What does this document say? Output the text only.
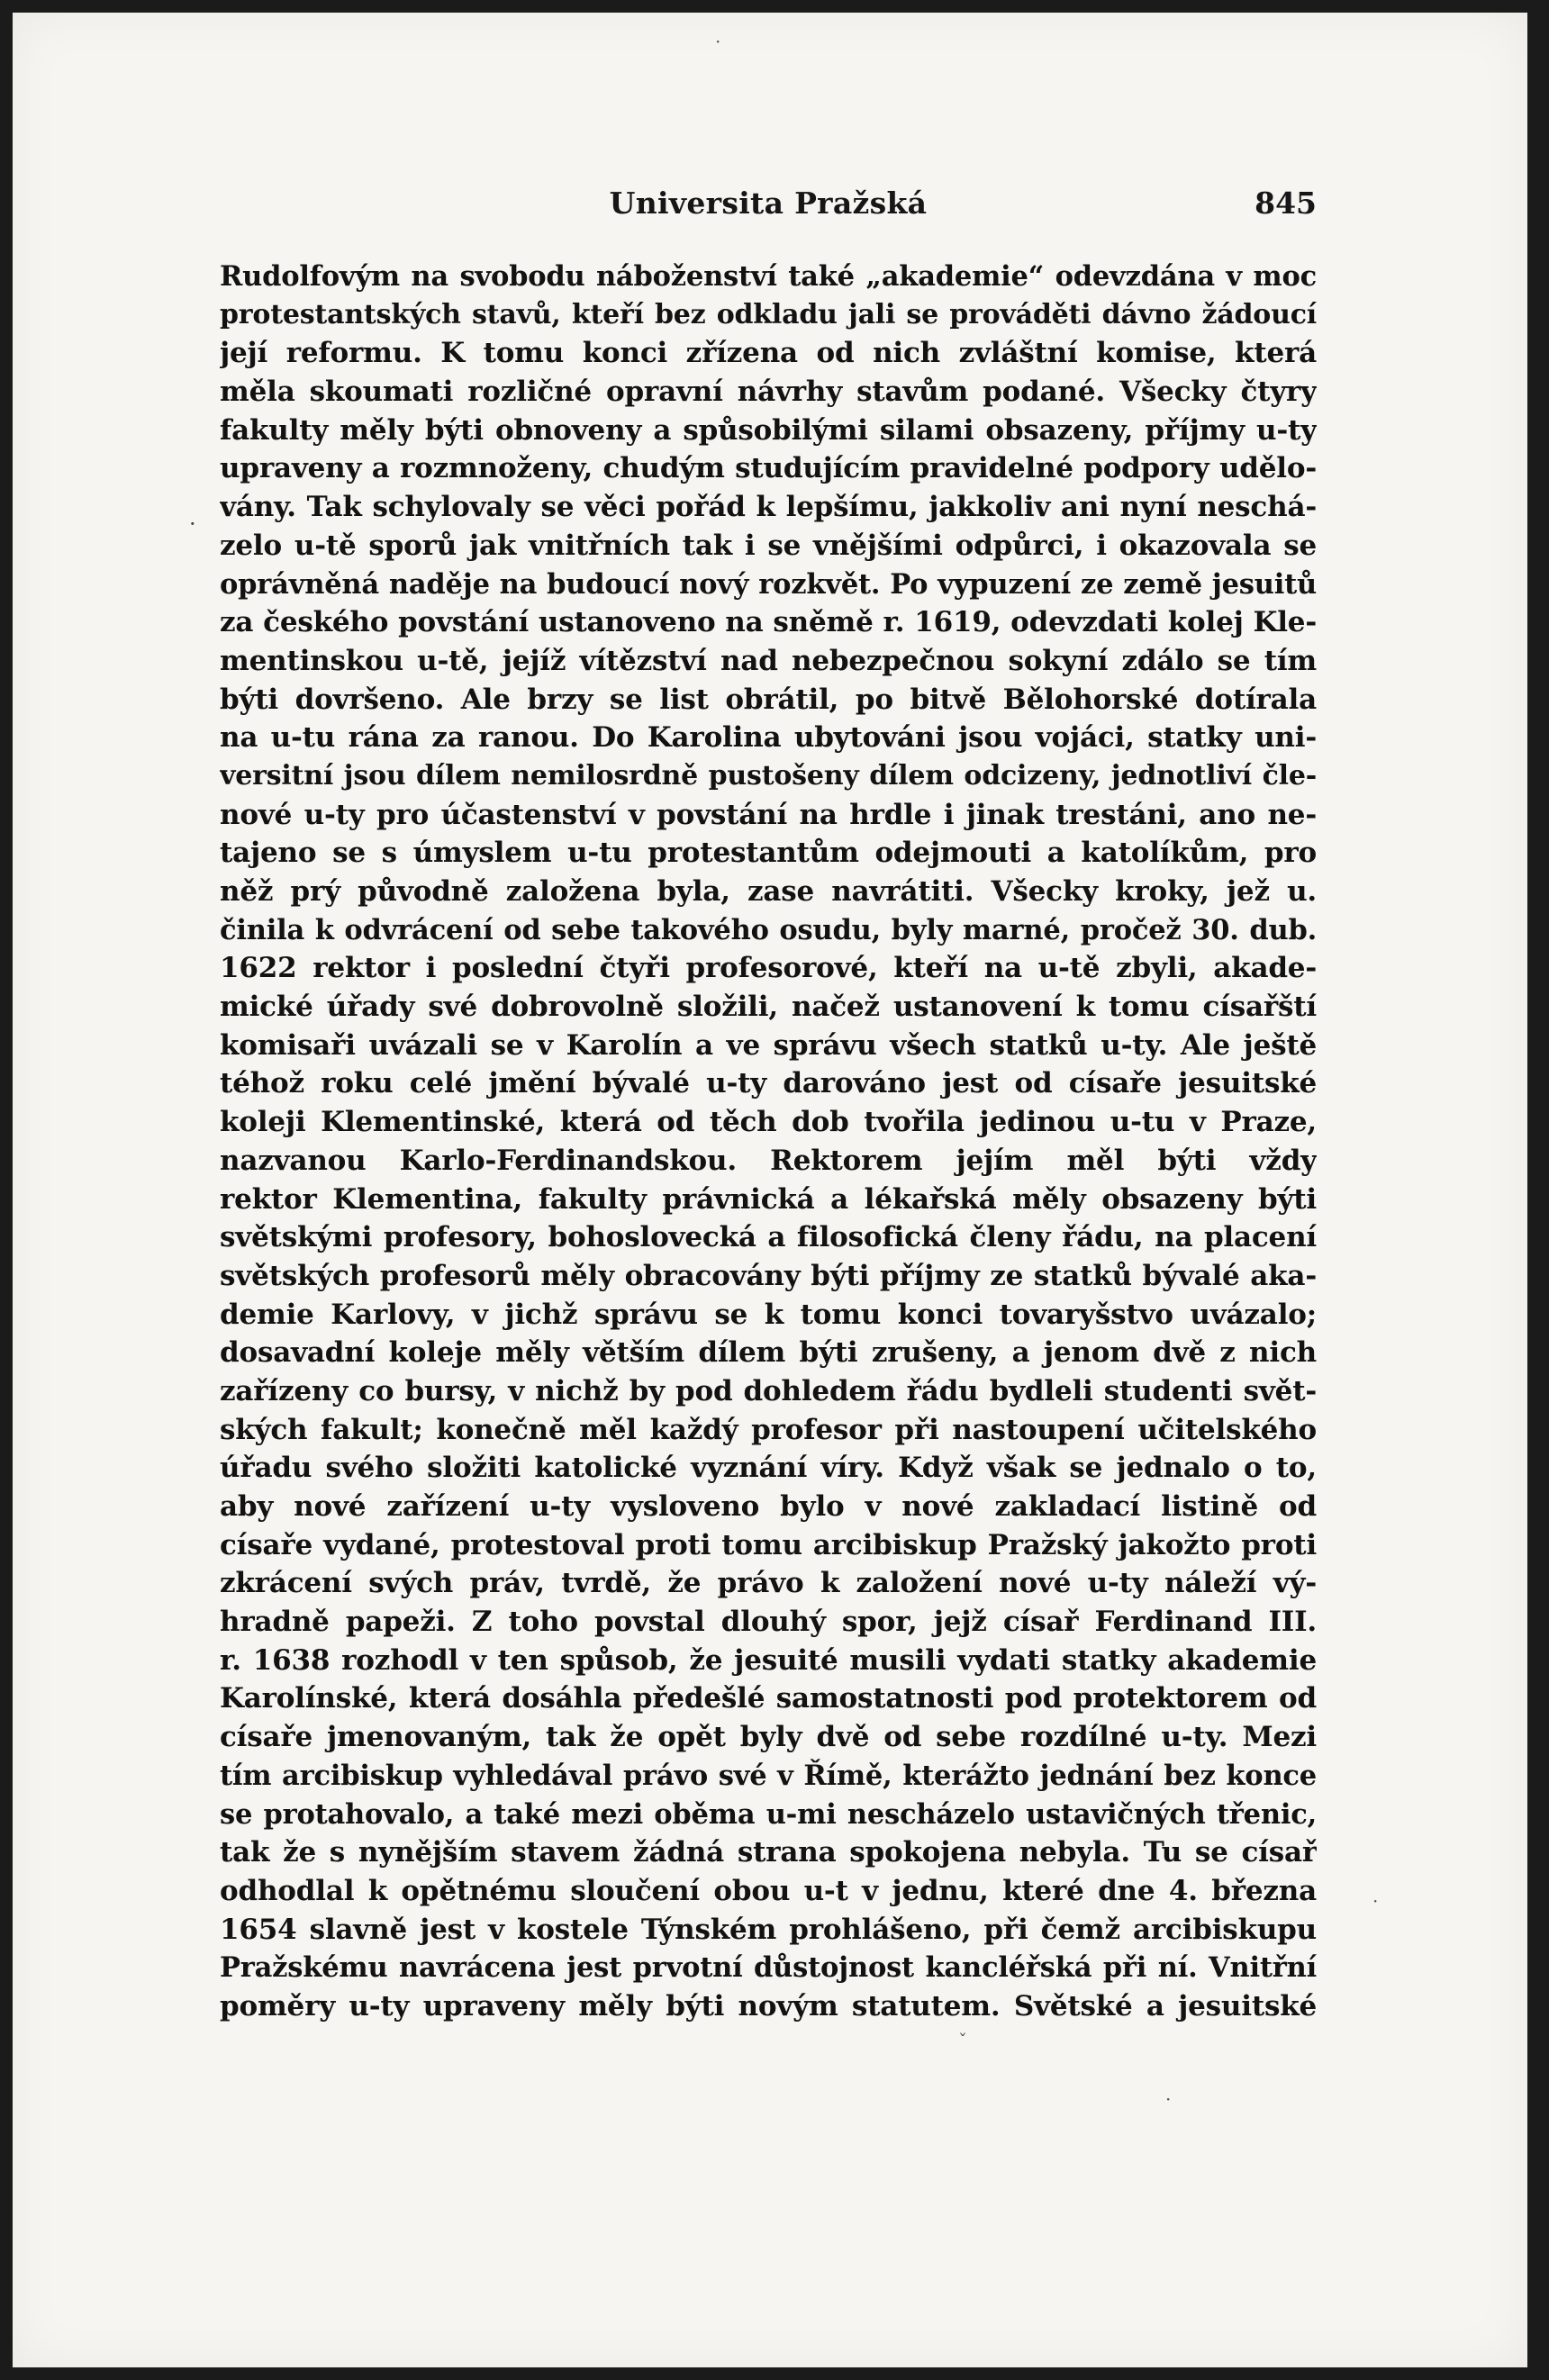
·
·
ˇ
·
Universita Pražská	845
·
Rudolfovým na svobodu náboženství také „akademie“ odevzdána v moc
protestantských stavů, kteří bez odkladu jali se prováděti dávno žádoucí
její reformu. K tomu konci zřízena od nich zvláštní komise, která
měla skoumati rozličné opravní návrhy stavům podané. Všecky čtyry
fakulty měly býti obnoveny a spůsobilými silami obsazeny, příjmy u-ty
upraveny a rozmnoženy, chudým studujícím pravidelné podpory udělo-
vány. Tak schylovaly se věci pořád k lepšímu, jakkoliv ani nyní neschá-
zelo u-tě sporů jak vnitřních tak i se vnějšími odpůrci, i okazovala se
oprávněná naděje na budoucí nový rozkvět. Po vypuzení ze země jesuitů
za českého povstání ustanoveno na sněmě r. 1619, odevzdati kolej Kle-
mentinskou u-tě, jejíž vítězství nad nebezpečnou sokyní zdálo se tím
býti dovršeno. Ale brzy se list obrátil, po bitvě Bělohorské dotírala
na u-tu rána za ranou. Do Karolina ubytováni jsou vojáci, statky uni-
versitní jsou dílem nemilosrdně pustošeny dílem odcizeny, jednotliví čle-
nové u-ty pro účastenství v povstání na hrdle i jinak trestáni, ano ne-
tajeno se s úmyslem u-tu protestantům odejmouti a katolíkům, pro
něž prý původně založena byla, zase navrátiti. Všecky kroky, jež u.
činila k odvrácení od sebe takového osudu, byly marné, pročež 30. dub.
1622 rektor i poslední čtyři profesorové, kteří na u-tě zbyli, akade-
mické úřady své dobrovolně složili, načež ustanovení k tomu císařští
komisaři uvázali se v Karolín a ve správu všech statků u-ty. Ale ještě
téhož roku celé jmění bývalé u-ty darováno jest od císaře jesuitské
koleji Klementinské, která od těch dob tvořila jedinou u-tu v Praze,
nazvanou Karlo-Ferdinandskou. Rektorem jejím měl býti vždy
rektor Klementina, fakulty právnická a lékařská měly obsazeny býti
světskými profesory, bohoslovecká a filosofická členy řádu, na placení
světských profesorů měly obracovány býti příjmy ze statků bývalé aka-
demie Karlovy, v jichž správu se k tomu konci tovaryšstvo uvázalo;
dosavadní koleje měly větším dílem býti zrušeny, a jenom dvě z nich
zařízeny co bursy, v nichž by pod dohledem řádu bydleli studenti svět-
ských fakult; konečně měl každý profesor při nastoupení učitelského
úřadu svého složiti katolické vyznání víry. Když však se jednalo o to,
aby nové zařízení u-ty vysloveno bylo v nové zakladací listině od
císaře vydané, protestoval proti tomu arcibiskup Pražský jakožto proti
zkrácení svých práv, tvrdě, že právo k založení nové u-ty náleží vý-
hradně papeži. Z toho povstal dlouhý spor, jejž císař Ferdinand III.
r. 1638 rozhodl v ten spůsob, že jesuité musili vydati statky akademie
Karolínské, která dosáhla předešlé samostatnosti pod protektorem od
císaře jmenovaným, tak že opět byly dvě od sebe rozdílné u-ty. Mezi
tím arcibiskup vyhledával právo své v Římě, kterážto jednání bez konce
se protahovalo, a také mezi oběma u-mi nescházelo ustavičných třenic,
tak že s nynějším stavem žádná strana spokojena nebyla. Tu se císař
odhodlal k opětnému sloučení obou u-t v jednu, které dne 4. března
1654 slavně jest v kostele Týnském prohlášeno, při čemž arcibiskupu
Pražskému navrácena jest prvotní důstojnost kancléřská při ní. Vnitřní
poměry u-ty upraveny měly býti novým statutem. Světské a jesuitské
